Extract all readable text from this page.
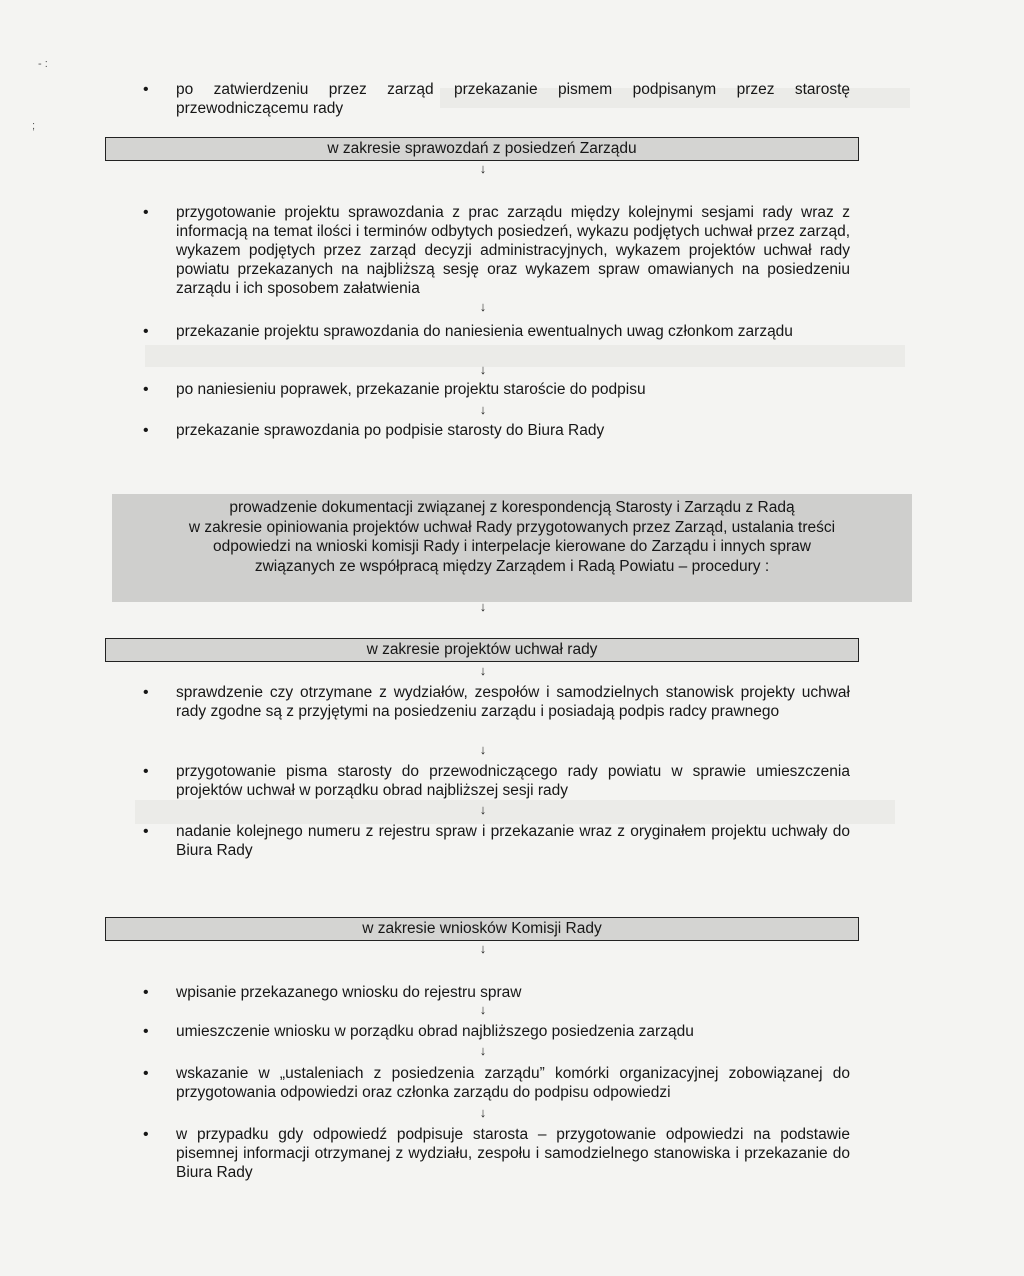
- :
;
•	po zatwierdzeniu przez zarząd przekazanie pismem podpisanym przez starostę przewodniczącemu rady
w zakresie sprawozdań z posiedzeń Zarządu
↓
•	przygotowanie projektu sprawozdania z prac zarządu między kolejnymi sesjami rady wraz z informacją na temat ilości i terminów odbytych posiedzeń, wykazu podjętych uchwał przez zarząd, wykazem podjętych przez zarząd decyzji administracyjnych, wykazem projektów uchwał rady powiatu przekazanych na najbliższą sesję oraz wykazem spraw omawianych na posiedzeniu zarządu i ich sposobem załatwienia
↓
•	przekazanie projektu sprawozdania do naniesienia ewentualnych uwag członkom zarządu
↓
•	po naniesieniu poprawek, przekazanie projektu staroście do podpisu
↓
•	przekazanie sprawozdania po podpisie starosty do Biura Rady
prowadzenie dokumentacji związanej z korespondencją Starosty i Zarządu z Radą
w zakresie opiniowania projektów uchwał Rady przygotowanych przez Zarząd, ustalania treści
odpowiedzi na wnioski komisji Rady i interpelacje kierowane do Zarządu i innych spraw
związanych ze współpracą między Zarządem i Radą Powiatu – procedury :
↓
w zakresie projektów uchwał rady
↓
•	sprawdzenie czy otrzymane z wydziałów, zespołów i samodzielnych stanowisk projekty uchwał rady zgodne są z przyjętymi na posiedzeniu zarządu i posiadają podpis radcy prawnego
↓
•	przygotowanie pisma starosty do przewodniczącego rady powiatu w sprawie umieszczenia projektów uchwał w porządku obrad najbliższej sesji rady
↓
•	nadanie kolejnego numeru z rejestru spraw i przekazanie wraz z oryginałem projektu uchwały do Biura Rady
w zakresie wniosków Komisji Rady
↓
•	wpisanie przekazanego wniosku do rejestru spraw
↓
•	umieszczenie wniosku w porządku obrad najbliższego posiedzenia zarządu
↓
•	wskazanie w „ustaleniach z posiedzenia zarządu” komórki organizacyjnej zobowiązanej do przygotowania odpowiedzi oraz członka zarządu do podpisu odpowiedzi
↓
•	w przypadku gdy odpowiedź podpisuje starosta – przygotowanie odpowiedzi na podstawie pisemnej informacji otrzymanej z wydziału, zespołu i samodzielnego stanowiska i przekazanie do Biura Rady
